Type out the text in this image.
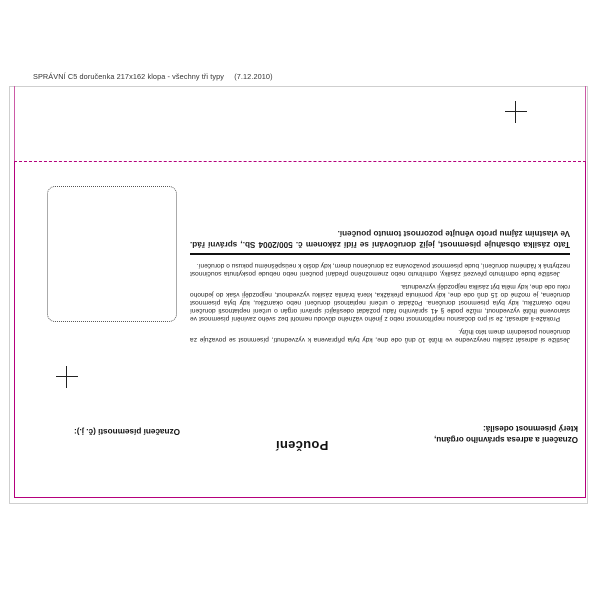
SPRÁVNÍ C5 doručenka 217x162 klopa - všechny tři typy (7.12.2010)

Jestliže si adresát zásilku nevyzvedne ve lhůtě 10 dnů ode dne, kdy byla připravena k vyzvednutí, písemnost se považuje za doručenou posledním dnem této lhůty.

Prokáže-li adresát, že si pro dočasnou nepřítomnost nebo z jiného vážného důvodu nemohl bez svého zavinění písemnost ve stanovené lhůtě vyzvednout, může podle § 41 správního řádu požádat odesílající správní orgán o určení neplatnosti doručení nebo okamžiku, kdy byla písemnost doručena. Požádat o určení neplatnosti doručení nebo okamžiku, kdy byla písemnost doručena, je možné do 15 dnů ode dne, kdy pominula překážka, která bránila zásilku vyzvednout, nejpozději však do jednoho roku ode dne, kdy měla být zásilka nejpozději vyzvednuta.

Jestliže bude odmítnuto převzetí zásilky, odmítnuto nebo znemožněno předání poučení nebo nebude poskytnuta součinnost nezbytná k řádnému doručení, bude písemnost považována za doručenou dnem, kdy došlo k neúspěšnému pokusu o doručení.

Tato zásilka obsahuje písemnost, jejíž doručování se řídí zákonem č. 500/2004 Sb., správní řád. Ve vlastním zájmu proto věnujte pozornost tomuto poučení.
Poučení	Označení a adresa správního orgánu,
který písemnost odesílá:
Označení písemnosti (č. j.):
